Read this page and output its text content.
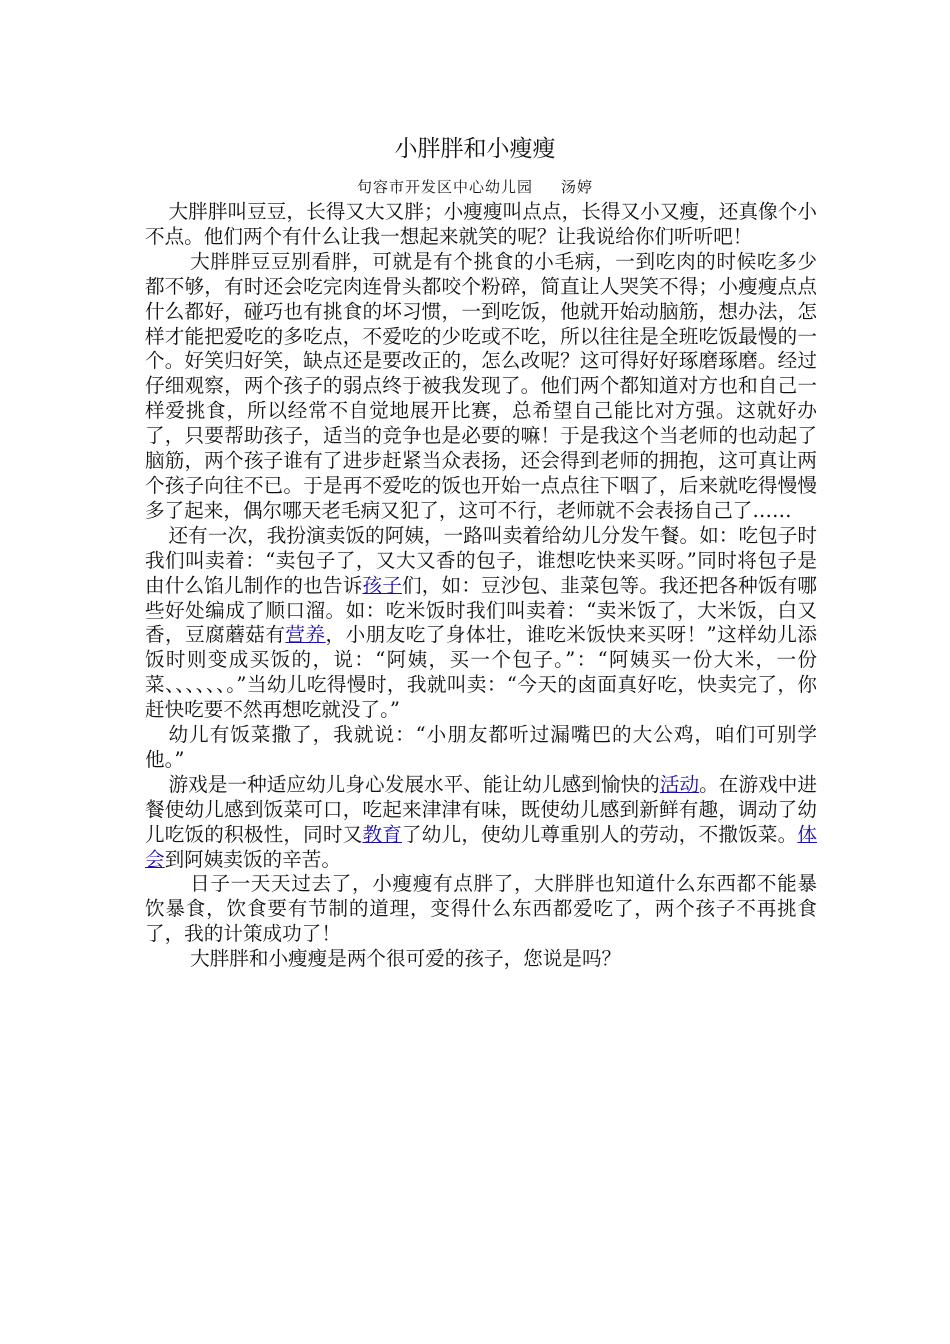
小胖胖和小瘦瘦
句容市开发区中心幼儿园 汤婷

大胖胖叫豆豆，长得又大又胖；小瘦瘦叫点点，长得又小又瘦，还真像个小不点。他们两个有什么让我一想起来就笑的呢？让我说给你们听听吧！

大胖胖豆豆别看胖，可就是有个挑食的小毛病，一到吃肉的时候吃多少都不够，有时还会吃完肉连骨头都咬个粉碎，简直让人哭笑不得；小瘦瘦点点什么都好，碰巧也有挑食的坏习惯，一到吃饭，他就开始动脑筋，想办法，怎样才能把爱吃的多吃点，不爱吃的少吃或不吃，所以往往是全班吃饭最慢的一个。好笑归好笑，缺点还是要改正的，怎么改呢？这可得好好琢磨琢磨。经过仔细观察，两个孩子的弱点终于被我发现了。他们两个都知道对方也和自己一样爱挑食，所以经常不自觉地展开比赛，总希望自己能比对方强。这就好办了，只要帮助孩子，适当的竞争也是必要的嘛！于是我这个当老师的也动起了脑筋，两个孩子谁有了进步赶紧当众表扬，还会得到老师的拥抱，这可真让两个孩子向往不已。于是再不爱吃的饭也开始一点点往下咽了，后来就吃得慢慢多了起来，偶尔哪天老毛病又犯了，这可不行，老师就不会表扬自己了……

还有一次，我扮演卖饭的阿姨，一路叫卖着给幼儿分发午餐。如：吃包子时我们叫卖着：“卖包子了，又大又香的包子，谁想吃快来买呀。”同时将包子是由什么馅儿制作的也告诉孩子们，如：豆沙包、韭菜包等。我还把各种饭有哪些好处编成了顺口溜。如：吃米饭时我们叫卖着：“卖米饭了，大米饭，白又香，豆腐蘑菇有营养，小朋友吃了身体壮，谁吃米饭快来买呀！”这样幼儿添饭时则变成买饭的，说：“阿姨，买一个包子。”：“阿姨买一份大米，一份菜、、、、、、。”当幼儿吃得慢时，我就叫卖：“今天的卤面真好吃，快卖完了，你赶快吃要不然再想吃就没了。”

幼儿有饭菜撒了，我就说：“小朋友都听过漏嘴巴的大公鸡，咱们可别学他。”

游戏是一种适应幼儿身心发展水平、能让幼儿感到愉快的活动。在游戏中进餐使幼儿感到饭菜可口，吃起来津津有味，既使幼儿感到新鲜有趣，调动了幼儿吃饭的积极性，同时又教育了幼儿，使幼儿尊重别人的劳动，不撒饭菜。体会到阿姨卖饭的辛苦。

日子一天天过去了，小瘦瘦有点胖了，大胖胖也知道什么东西都不能暴饮暴食，饮食要有节制的道理，变得什么东西都爱吃了，两个孩子不再挑食了，我的计策成功了！

大胖胖和小瘦瘦是两个很可爱的孩子，您说是吗？
